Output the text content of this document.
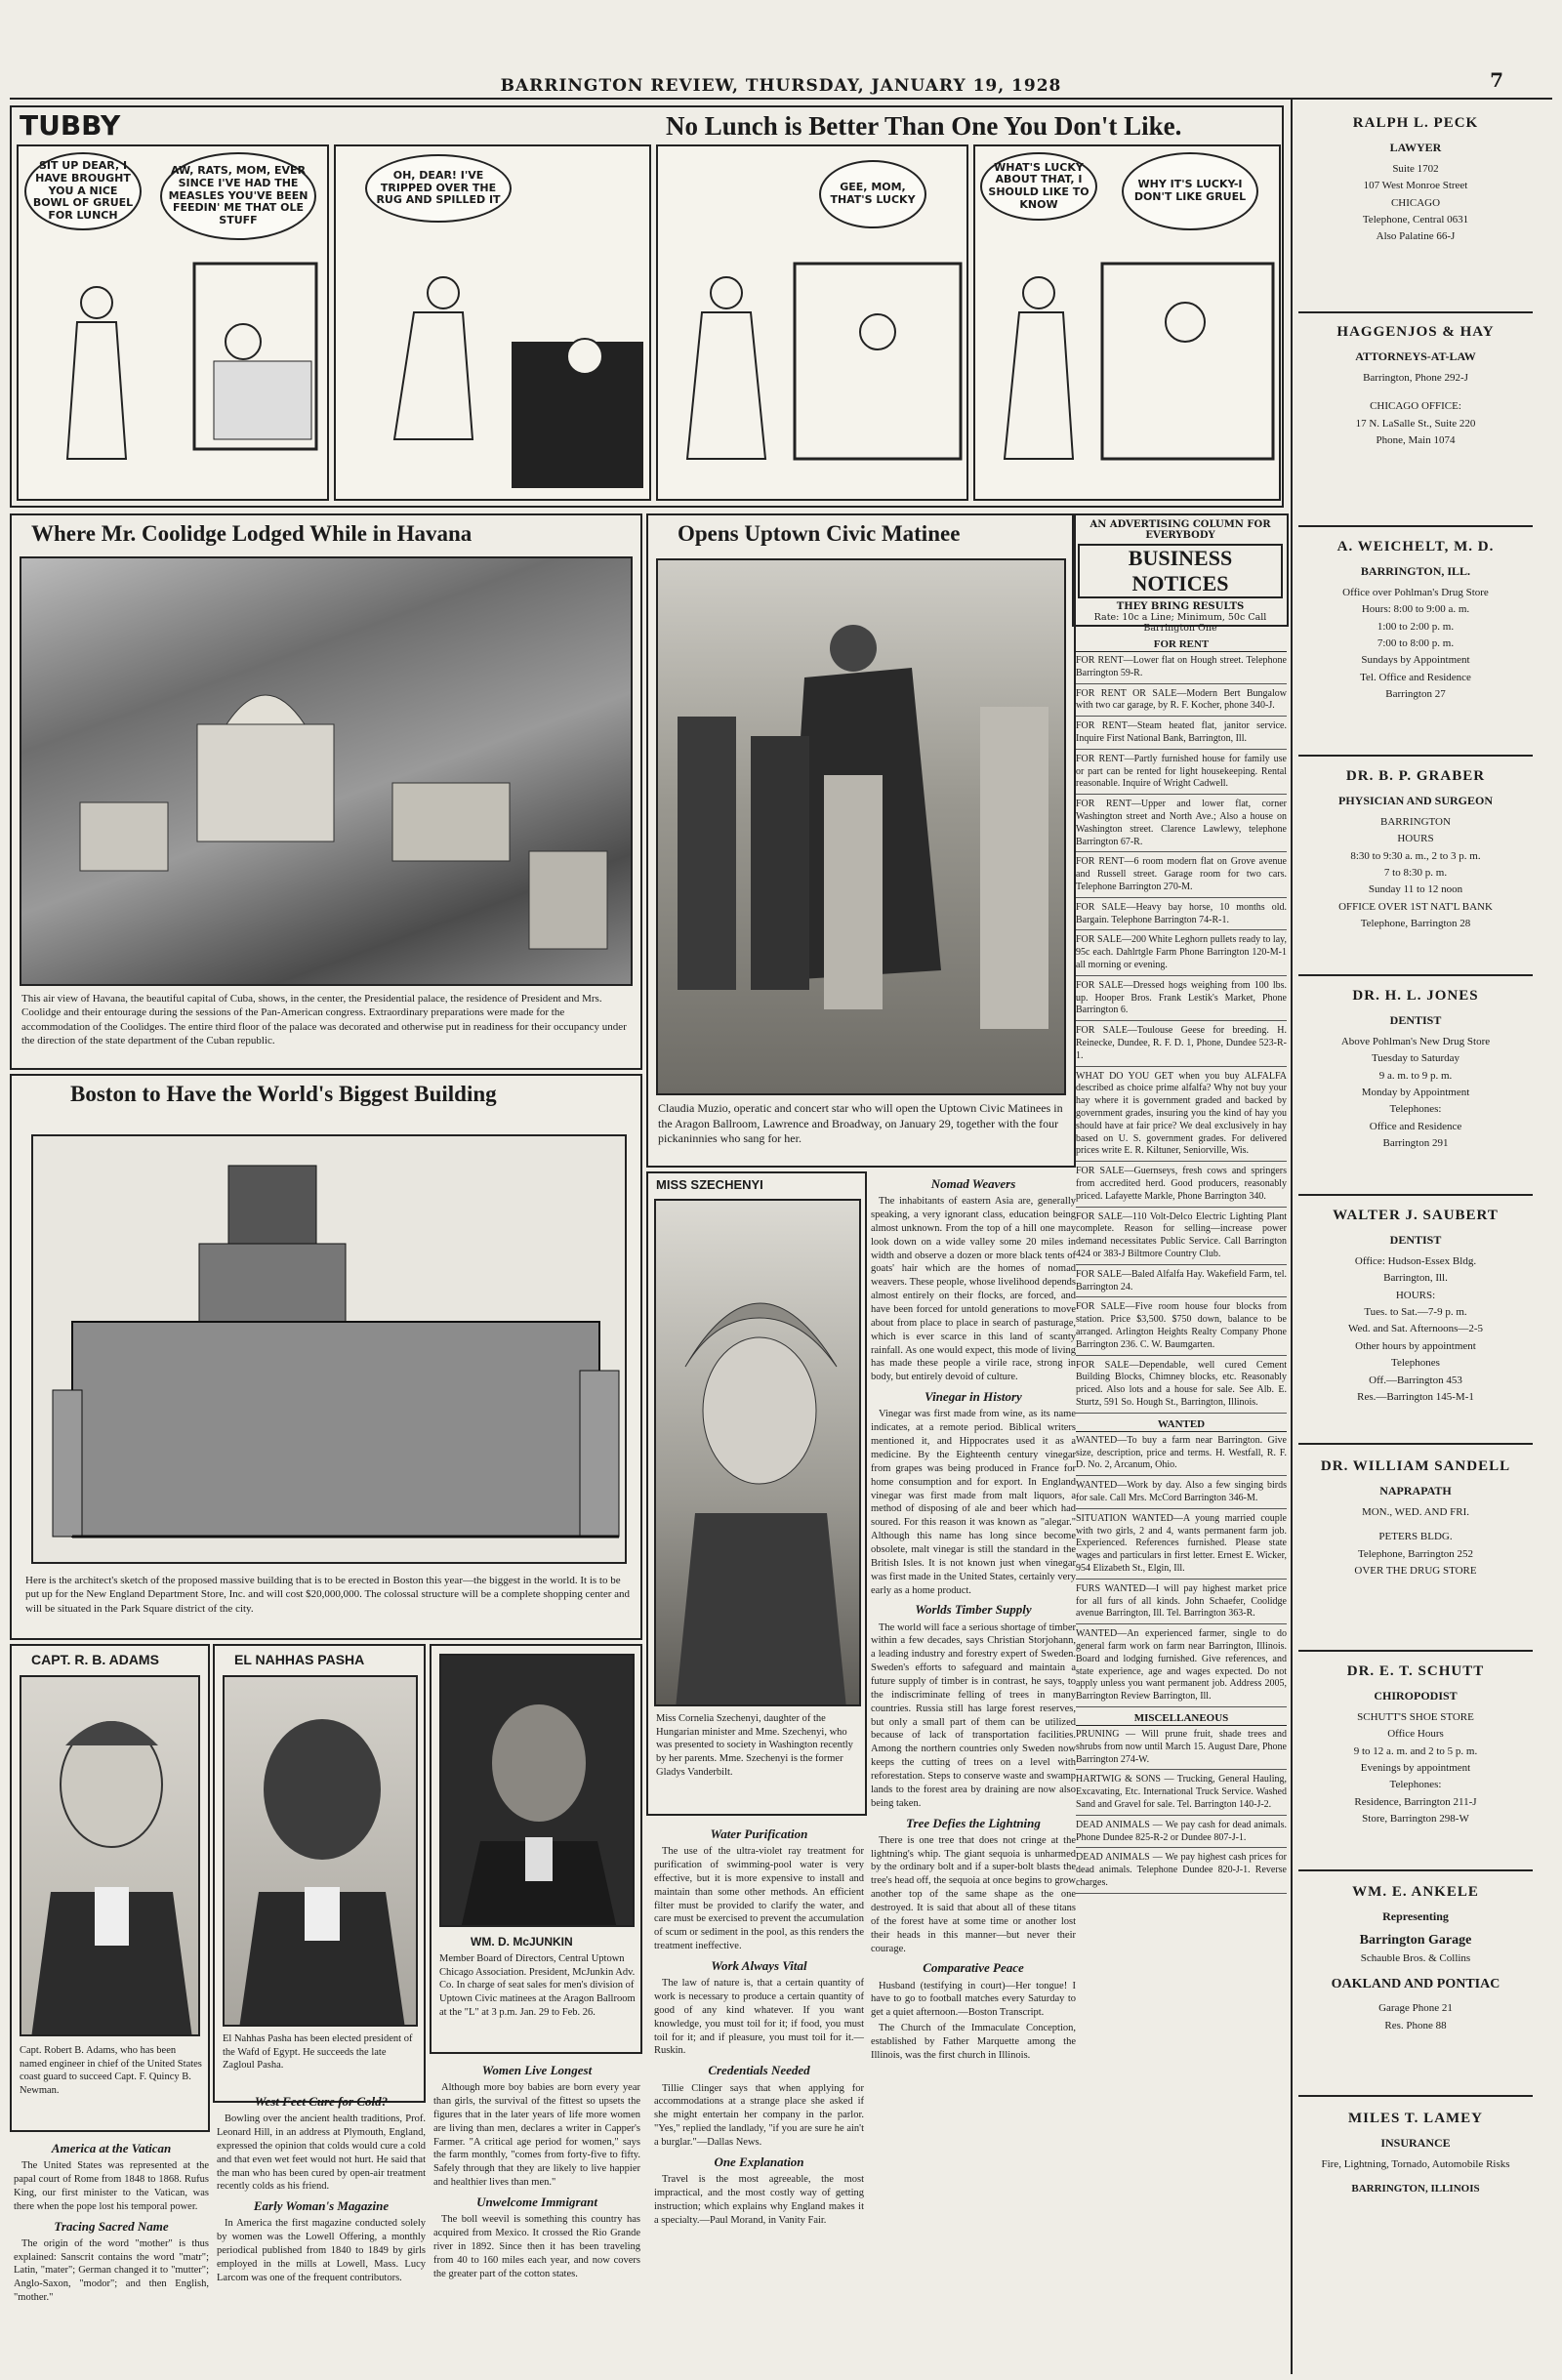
BARRINGTON REVIEW, THURSDAY, JANUARY 19, 1928	7
TUBBY	No Lunch is Better Than One You Don't Like.
SIT UP DEAR, I HAVE BROUGHT YOU A NICE BOWL OF GRUEL FOR LUNCH
AW, RATS, MOM, EVER SINCE I'VE HAD THE MEASLES YOU'VE BEEN FEEDIN' ME THAT OLE STUFF
OH, DEAR! I'VE TRIPPED OVER THE RUG AND SPILLED IT
GEE, MOM, THAT'S LUCKY
WHAT'S LUCKY ABOUT THAT, I SHOULD LIKE TO KNOW
WHY IT'S LUCKY-I DON'T LIKE GRUEL
Where Mr. Coolidge Lodged While in Havana
This air view of Havana, the beautiful capital of Cuba, shows, in the center, the Presidential palace, the residence of President and Mrs. Coolidge and their entourage during the sessions of the Pan-American congress. Extraordinary preparations were made for the accommodation of the Coolidges. The entire third floor of the palace was decorated and otherwise put in readiness for their occupancy under the direction of the state department of the Cuban republic.
Opens Uptown Civic Matinee
Claudia Muzio, operatic and concert star who will open the Uptown Civic Matinees in the Aragon Ballroom, Lawrence and Broadway, on January 29, together with the four pickaninnies who sang for her.
Boston to Have the World's Biggest Building
Here is the architect's sketch of the proposed massive building that is to be erected in Boston this year—the biggest in the world. It is to be put up for the New England Department Store, Inc. and will cost $20,000,000. The colossal structure will be a complete shopping center and will be situated in the Park Square district of the city.
CAPT. R. B. ADAMS
Capt. Robert B. Adams, who has been named engineer in chief of the United States coast guard to succeed Capt. F. Quincy B. Newman.
EL NAHHAS PASHA
El Nahhas Pasha has been elected president of the Wafd of Egypt. He succeeds the late Zagloul Pasha.
WM. D. McJUNKIN
Member Board of Directors, Central Uptown Chicago Association. President, McJunkin Adv. Co. In charge of seat sales for men's division of Uptown Civic matinees at the Aragon Ballroom at the "L" at 3 p.m. Jan. 29 to Feb. 26.
America at the Vatican

The United States was represented at the papal court of Rome from 1848 to 1868. Rufus King, our first minister to the Vatican, was there when the pope lost his temporal power.

Tracing Sacred Name

The origin of the word "mother" is thus explained: Sanscrit contains the word "matr"; Latin, "mater"; German changed it to "mutter"; Anglo-Saxon, "modor"; and then English, "mother."

West Feet Cure for Cold?

Bowling over the ancient health traditions, Prof. Leonard Hill, in an address at Plymouth, England, expressed the opinion that colds would cure a cold and that even wet feet would not hurt. He said that the man who has been cured by open-air treatment recently colds as his friend.

Early Woman's Magazine

In America the first magazine conducted solely by women was the Lowell Offering, a monthly periodical published from 1840 to 1849 by girls employed in the mills at Lowell, Mass. Lucy Larcom was one of the frequent contributors.

Women Live Longest

Although more boy babies are born every year than girls, the survival of the fittest so upsets the figures that in the later years of life more women are living than men, declares a writer in Capper's Farmer. "A critical age period for women," says the farm monthly, "comes from forty-five to fifty. Safely through that they are likely to live happier and healthier lives than men."

Unwelcome Immigrant

The boll weevil is something this country has acquired from Mexico. It crossed the Rio Grande river in 1892. Since then it has been traveling from 40 to 160 miles each year, and now covers the greater part of the cotton states.

MISS SZECHENYI
Miss Cornelia Szechenyi, daughter of the Hungarian minister and Mme. Szechenyi, who was presented to society in Washington recently by her parents. Mme. Szechenyi is the former Gladys Vanderbilt.
Water Purification

The use of the ultra-violet ray treatment for purification of swimming-pool water is very effective, but it is more expensive to install and maintain than some other methods. An efficient filter must be provided to clarify the water, and care must be exercised to prevent the accumulation of scum or sediment in the pool, as this renders the treatment ineffective.

Work Always Vital

The law of nature is, that a certain quantity of work is necessary to produce a certain quantity of good of any kind whatever. If you want knowledge, you must toil for it; if food, you must toil for it; and if pleasure, you must toil for it.—Ruskin.

Credentials Needed

Tillie Clinger says that when applying for accommodations at a strange place she asked if she might entertain her company in the parlor. "Yes," replied the landlady, "if you are sure he ain't a burglar."—Dallas News.

One Explanation

Travel is the most agreeable, the most impractical, and the most costly way of getting instruction; which explains why England makes it a specialty.—Paul Morand, in Vanity Fair.

Nomad Weavers

The inhabitants of eastern Asia are, generally speaking, a very ignorant class, education being almost unknown. From the top of a hill one may look down on a wide valley some 20 miles in width and observe a dozen or more black tents of goats' hair which are the homes of nomad weavers. These people, whose livelihood depends almost entirely on their flocks, are forced, and have been forced for untold generations to move about from place to place in search of pasturage, which is ever scarce in this land of scanty rainfall. As one would expect, this mode of living has made these people a virile race, strong in body, but entirely devoid of culture.

Vinegar in History

Vinegar was first made from wine, as its name indicates, at a remote period. Biblical writers mentioned it, and Hippocrates used it as a medicine. By the Eighteenth century vinegar from grapes was being produced in France for home consumption and for export. In England vinegar was first made from malt liquors, a method of disposing of ale and beer which had soured. For this reason it was known as "alegar." Although this name has long since become obsolete, malt vinegar is still the standard in the British Isles. It is not known just when vinegar was first made in the United States, certainly very early as a home product.

Worlds Timber Supply

The world will face a serious shortage of timber within a few decades, says Christian Storjohann, a leading industry and forestry expert of Sweden. Sweden's efforts to safeguard and maintain a future supply of timber is in contrast, he says, to the indiscriminate felling of trees in many countries. Russia still has large forest reserves, but only a small part of them can be utilized because of lack of transportation facilities. Among the northern countries only Sweden now keeps the cutting of trees on a level with reforestation. Steps to conserve waste and swamp lands to the forest area by draining are now also being taken.

Tree Defies the Lightning

There is one tree that does not cringe at the lightning's whip. The giant sequoia is unharmed by the ordinary bolt and if a super-bolt blasts the tree's head off, the sequoia at once begins to grow another top of the same shape as the one destroyed. It is said that about all of these titans of the forest have at some time or another lost their heads in this manner—but never their courage.

Comparative Peace

Husband (testifying in court)—Her tongue! I have to go to football matches every Saturday to get a quiet afternoon.—Boston Transcript.

The Church of the Immaculate Conception, established by Father Marquette among the Illinois, was the first church in Illinois.

AN ADVERTISING COLUMN FOR EVERYBODY
BUSINESS NOTICES
THEY BRING RESULTS
Rate: 10c a Line; Minimum, 50c Call Barrington One
FOR RENT
FOR RENT—Lower flat on Hough street. Telephone Barrington 59-R.
FOR RENT OR SALE—Modern Bert Bungalow with two car garage, by R. F. Kocher, phone 340-J.
FOR RENT—Steam heated flat, janitor service. Inquire First National Bank, Barrington, Ill.
FOR RENT—Partly furnished house for family use or part can be rented for light housekeeping. Rental reasonable. Inquire of Wright Cadwell.
FOR RENT—Upper and lower flat, corner Washington street and North Ave.; Also a house on Washington street. Clarence Lawlewy, telephone Barrington 67-R.
FOR RENT—6 room modern flat on Grove avenue and Russell street. Garage room for two cars. Telephone Barrington 270-M.
FOR SALE—Heavy bay horse, 10 months old. Bargain. Telephone Barrington 74-R-1.
FOR SALE—200 White Leghorn pullets ready to lay, 95c each. Dahlrtgle Farm Phone Barrington 120-M-1 all morning or evening.
FOR SALE—Dressed hogs weighing from 100 lbs. up. Hooper Bros. Frank Lestik's Market, Phone Barrington 6.
FOR SALE—Toulouse Geese for breeding. H. Reinecke, Dundee, R. F. D. 1, Phone, Dundee 523-R-1.
WHAT DO YOU GET when you buy ALFALFA described as choice prime alfalfa? Why not buy your hay where it is government graded and backed by government grades, insuring you the kind of hay you should have at fair price? We deal exclusively in hay based on U. S. government grades. For delivered prices write E. R. Kiltuner, Seniorville, Wis.
FOR SALE—Guernseys, fresh cows and springers from accredited herd. Good producers, reasonably priced. Lafayette Markle, Phone Barrington 340.
FOR SALE—110 Volt-Delco Electric Lighting Plant complete. Reason for selling—increase power demand necessitates Public Service. Call Barrington 424 or 383-J Biltmore Country Club.
FOR SALE—Baled Alfalfa Hay. Wakefield Farm, tel. Barrington 24.
FOR SALE—Five room house four blocks from station. Price $3,500. $750 down, balance to be arranged. Arlington Heights Realty Company Phone Barrington 236. C. W. Baumgarten.
FOR SALE—Dependable, well cured Cement Building Blocks, Chimney blocks, etc. Reasonably priced. Also lots and a house for sale. See Alb. E. Sturtz, 591 So. Hough St., Barrington, Illinois.
WANTED
WANTED—To buy a farm near Barrington. Give size, description, price and terms. H. Westfall, R. F. D. No. 2, Arcanum, Ohio.
WANTED—Work by day. Also a few singing birds for sale. Call Mrs. McCord Barrington 346-M.
SITUATION WANTED—A young married couple with two girls, 2 and 4, wants permanent farm job. Experienced. References furnished. Please state wages and particulars in first letter. Ernest E. Wicker, 954 Elizabeth St., Elgin, Ill.
FURS WANTED—I will pay highest market price for all furs of all kinds. John Schaefer, Coolidge avenue Barrington, Ill. Tel. Barrington 363-R.
WANTED—An experienced farmer, single to do general farm work on farm near Barrington, Illinois. Board and lodging furnished. Give references, and state experience, age and wages expected. Do not apply unless you want permanent job. Address 2005, Barrington Review Barrington, Ill.
MISCELLANEOUS
PRUNING — Will prune fruit, shade trees and shrubs from now until March 15. August Dare, Phone Barrington 274-W.
HARTWIG & SONS — Trucking, General Hauling, Excavating, Etc. International Truck Service. Washed Sand and Gravel for sale. Tel. Barrington 140-J-2.
DEAD ANIMALS — We pay cash for dead animals. Phone Dundee 825-R-2 or Dundee 807-J-1.
DEAD ANIMALS — We pay highest cash prices for dead animals. Telephone Dundee 820-J-1. Reverse charges.
RALPH L. PECK
LAWYER
Suite 1702
107 West Monroe Street
CHICAGO
Telephone, Central 0631
Also Palatine 66-J
HAGGENJOS & HAY
ATTORNEYS-AT-LAW
Barrington, Phone 292-J
CHICAGO OFFICE:
17 N. LaSalle St., Suite 220
Phone, Main 1074
A. WEICHELT, M. D.
BARRINGTON, ILL.
Office over Pohlman's Drug Store
Hours: 8:00 to 9:00 a. m.
1:00 to 2:00 p. m.
7:00 to 8:00 p. m.
Sundays by Appointment
Tel. Office and Residence
Barrington 27
DR. B. P. GRABER
PHYSICIAN AND SURGEON
BARRINGTON
HOURS
8:30 to 9:30 a. m., 2 to 3 p. m.
7 to 8:30 p. m.
Sunday 11 to 12 noon
OFFICE OVER 1ST NAT'L BANK
Telephone, Barrington 28
DR. H. L. JONES
DENTIST
Above Pohlman's New Drug Store
Tuesday to Saturday
9 a. m. to 9 p. m.
Monday by Appointment
Telephones:
Office and Residence
Barrington 291
WALTER J. SAUBERT
DENTIST
Office: Hudson-Essex Bldg.
Barrington, Ill.
HOURS:
Tues. to Sat.—7-9 p. m.
Wed. and Sat. Afternoons—2-5
Other hours by appointment
Telephones
Off.—Barrington 453
Res.—Barrington 145-M-1
DR. WILLIAM SANDELL
NAPRAPATH
MON., WED. AND FRI.
PETERS BLDG.
Telephone, Barrington 252
OVER THE DRUG STORE
DR. E. T. SCHUTT
CHIROPODIST
SCHUTT'S SHOE STORE
Office Hours
9 to 12 a. m. and 2 to 5 p. m.
Evenings by appointment
Telephones:
Residence, Barrington 211-J
Store, Barrington 298-W
WM. E. ANKELE
Representing
Barrington Garage
Schauble Bros. & Collins
OAKLAND AND PONTIAC
Garage Phone 21
Res. Phone 88
MILES T. LAMEY
INSURANCE
Fire, Lightning, Tornado, Automobile Risks
BARRINGTON, ILLINOIS
